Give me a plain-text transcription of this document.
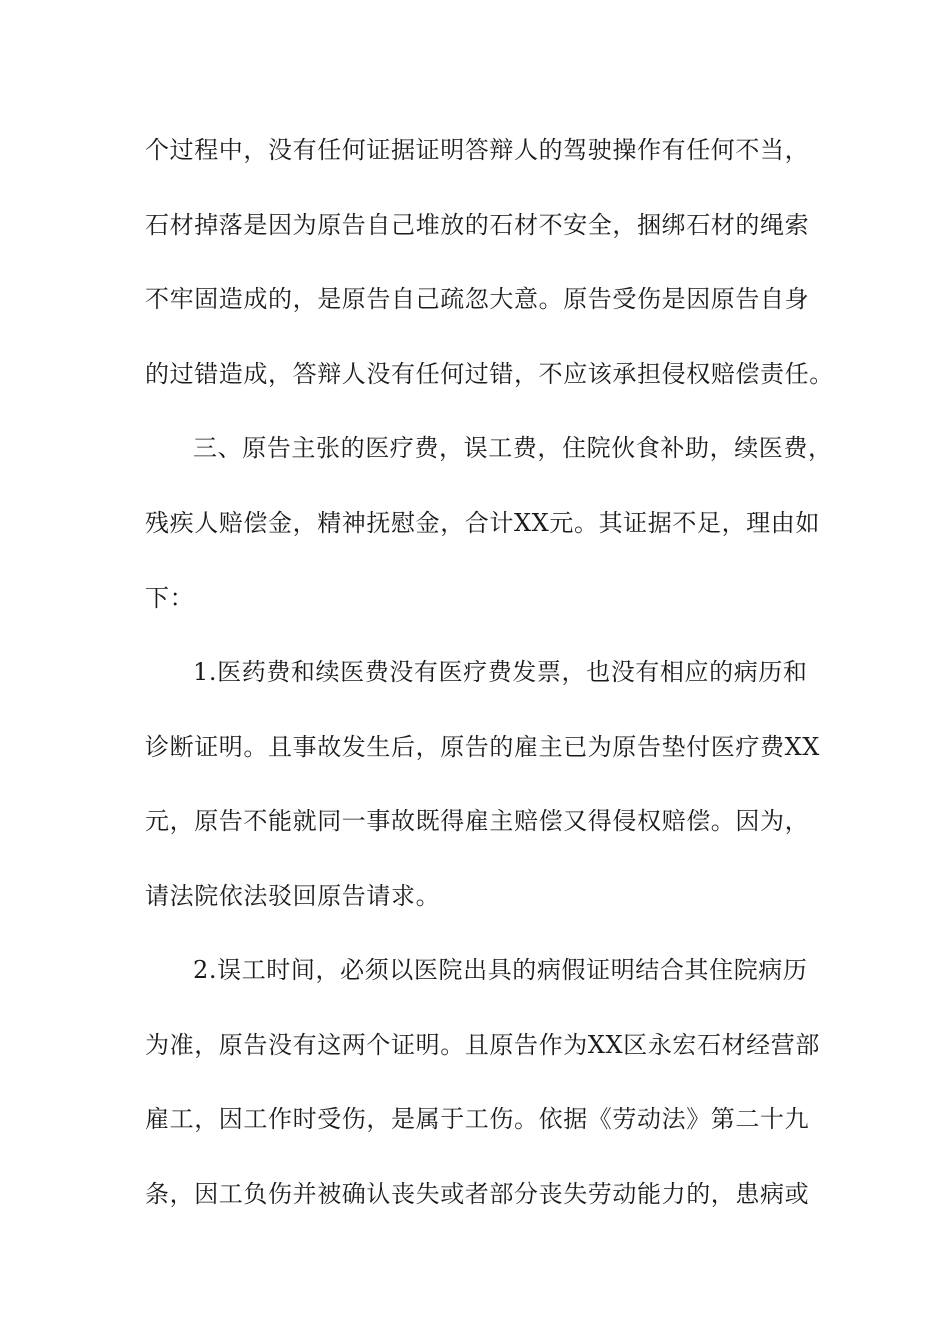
个过程中，没有任何证据证明答辩人的驾驶操作有任何不当，
石材掉落是因为原告自己堆放的石材不安全，捆绑石材的绳索
不牢固造成的，是原告自己疏忽大意。原告受伤是因原告自身
的过错造成，答辩人没有任何过错，不应该承担侵权赔偿责任。
三、原告主张的医疗费，误工费，住院伙食补助，续医费，
残疾人赔偿金，精神抚慰金，合计XX元。其证据不足，理由如
下：
1.医药费和续医费没有医疗费发票，也没有相应的病历和
诊断证明。且事故发生后，原告的雇主已为原告垫付医疗费XX
元，原告不能就同一事故既得雇主赔偿又得侵权赔偿。因为，
请法院依法驳回原告请求。
2.误工时间，必须以医院出具的病假证明结合其住院病历
为准，原告没有这两个证明。且原告作为XX区永宏石材经营部
雇工，因工作时受伤，是属于工伤。依据《劳动法》第二十九
条，因工负伤并被确认丧失或者部分丧失劳动能力的，患病或
